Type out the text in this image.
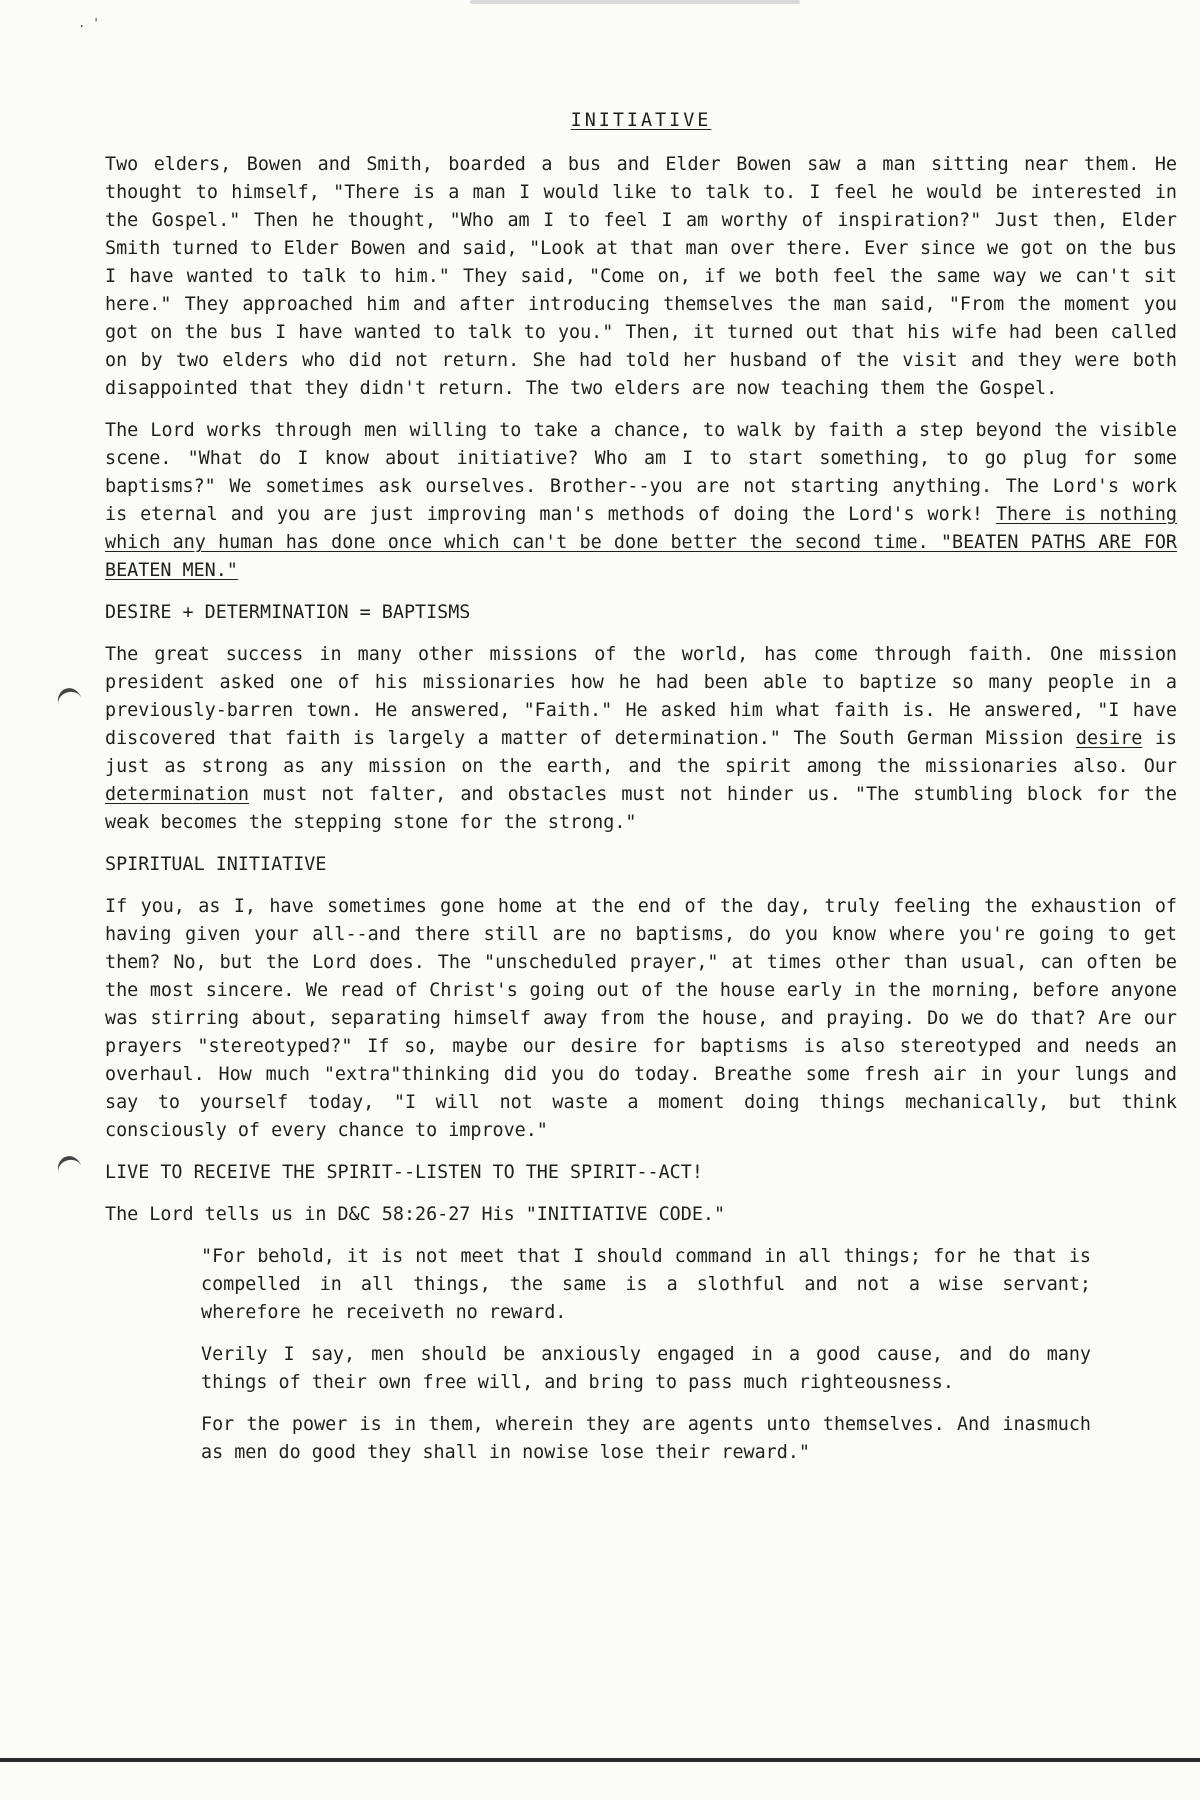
. '
INITIATIVE

Two elders, Bowen and Smith, boarded a bus and Elder Bowen saw a man sitting near them. He thought to himself, "There is a man I would like to talk to. I feel he would be interested in the Gospel." Then he thought, "Who am I to feel I am worthy of inspiration?" Just then, Elder Smith turned to Elder Bowen and said, "Look at that man over there. Ever since we got on the bus I have wanted to talk to him." They said, "Come on, if we both feel the same way we can't sit here." They approached him and after introducing themselves the man said, "From the moment you got on the bus I have wanted to talk to you." Then, it turned out that his wife had been called on by two elders who did not return. She had told her husband of the visit and they were both disappointed that they didn't return. The two elders are now teaching them the Gospel.

The Lord works through men willing to take a chance, to walk by faith a step beyond the visible scene. "What do I know about initiative? Who am I to start something, to go plug for some baptisms?" We sometimes ask ourselves. Brother--you are not starting anything. The Lord's work is eternal and you are just improving man's methods of doing the Lord's work! There is nothing which any human has done once which can't be done better the second time. "BEATEN PATHS ARE FOR BEATEN MEN."

DESIRE + DETERMINATION = BAPTISMS

The great success in many other missions of the world, has come through faith. One mission president asked one of his missionaries how he had been able to baptize so many people in a previously-barren town. He answered, "Faith." He asked him what faith is. He answered, "I have discovered that faith is largely a matter of determination." The South German Mission desire is just as strong as any mission on the earth, and the spirit among the missionaries also. Our determination must not falter, and obstacles must not hinder us. "The stumbling block for the weak becomes the stepping stone for the strong."

SPIRITUAL INITIATIVE

If you, as I, have sometimes gone home at the end of the day, truly feeling the exhaustion of having given your all--and there still are no baptisms, do you know where you're going to get them? No, but the Lord does. The "unscheduled prayer," at times other than usual, can often be the most sincere. We read of Christ's going out of the house early in the morning, before anyone was stirring about, separating himself away from the house, and praying. Do we do that? Are our prayers "stereotyped?" If so, maybe our desire for baptisms is also stereotyped and needs an overhaul. How much "extra"thinking did you do today. Breathe some fresh air in your lungs and say to yourself today, "I will not waste a moment doing things mechanically, but think consciously of every chance to improve."

LIVE TO RECEIVE THE SPIRIT--LISTEN TO THE SPIRIT--ACT!

The Lord tells us in D&C 58:26-27 His "INITIATIVE CODE."

"For behold, it is not meet that I should command in all things; for he that is compelled in all things, the same is a slothful and not a wise servant; wherefore he receiveth no reward.

Verily I say, men should be anxiously engaged in a good cause, and do many things of their own free will, and bring to pass much righteousness.

For the power is in them, wherein they are agents unto themselves. And inasmuch as men do good they shall in nowise lose their reward."
